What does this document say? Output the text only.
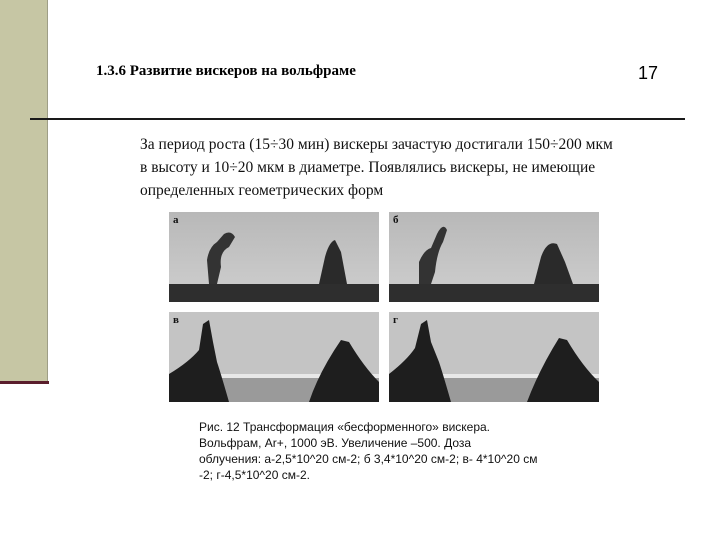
1.3.6 Развитие вискеров на вольфраме	17
За период роста (15÷30 мин) вискеры зачастую достигали 150÷200 мкм в высоту и 10÷20 мкм в диаметре. Появлялись вискеры, не имеющие определенных геометрических форм
а	б
в	г
Рис. 12 Трансформация «бесформенного» вискера.
Вольфрам, Ar+, 1000 эВ. Увеличение –500. Доза
облучения: а-2,5*10^20 см-2; б 3,4*10^20 см-2; в- 4*10^20 см
-2; г-4,5*10^20 см-2.
